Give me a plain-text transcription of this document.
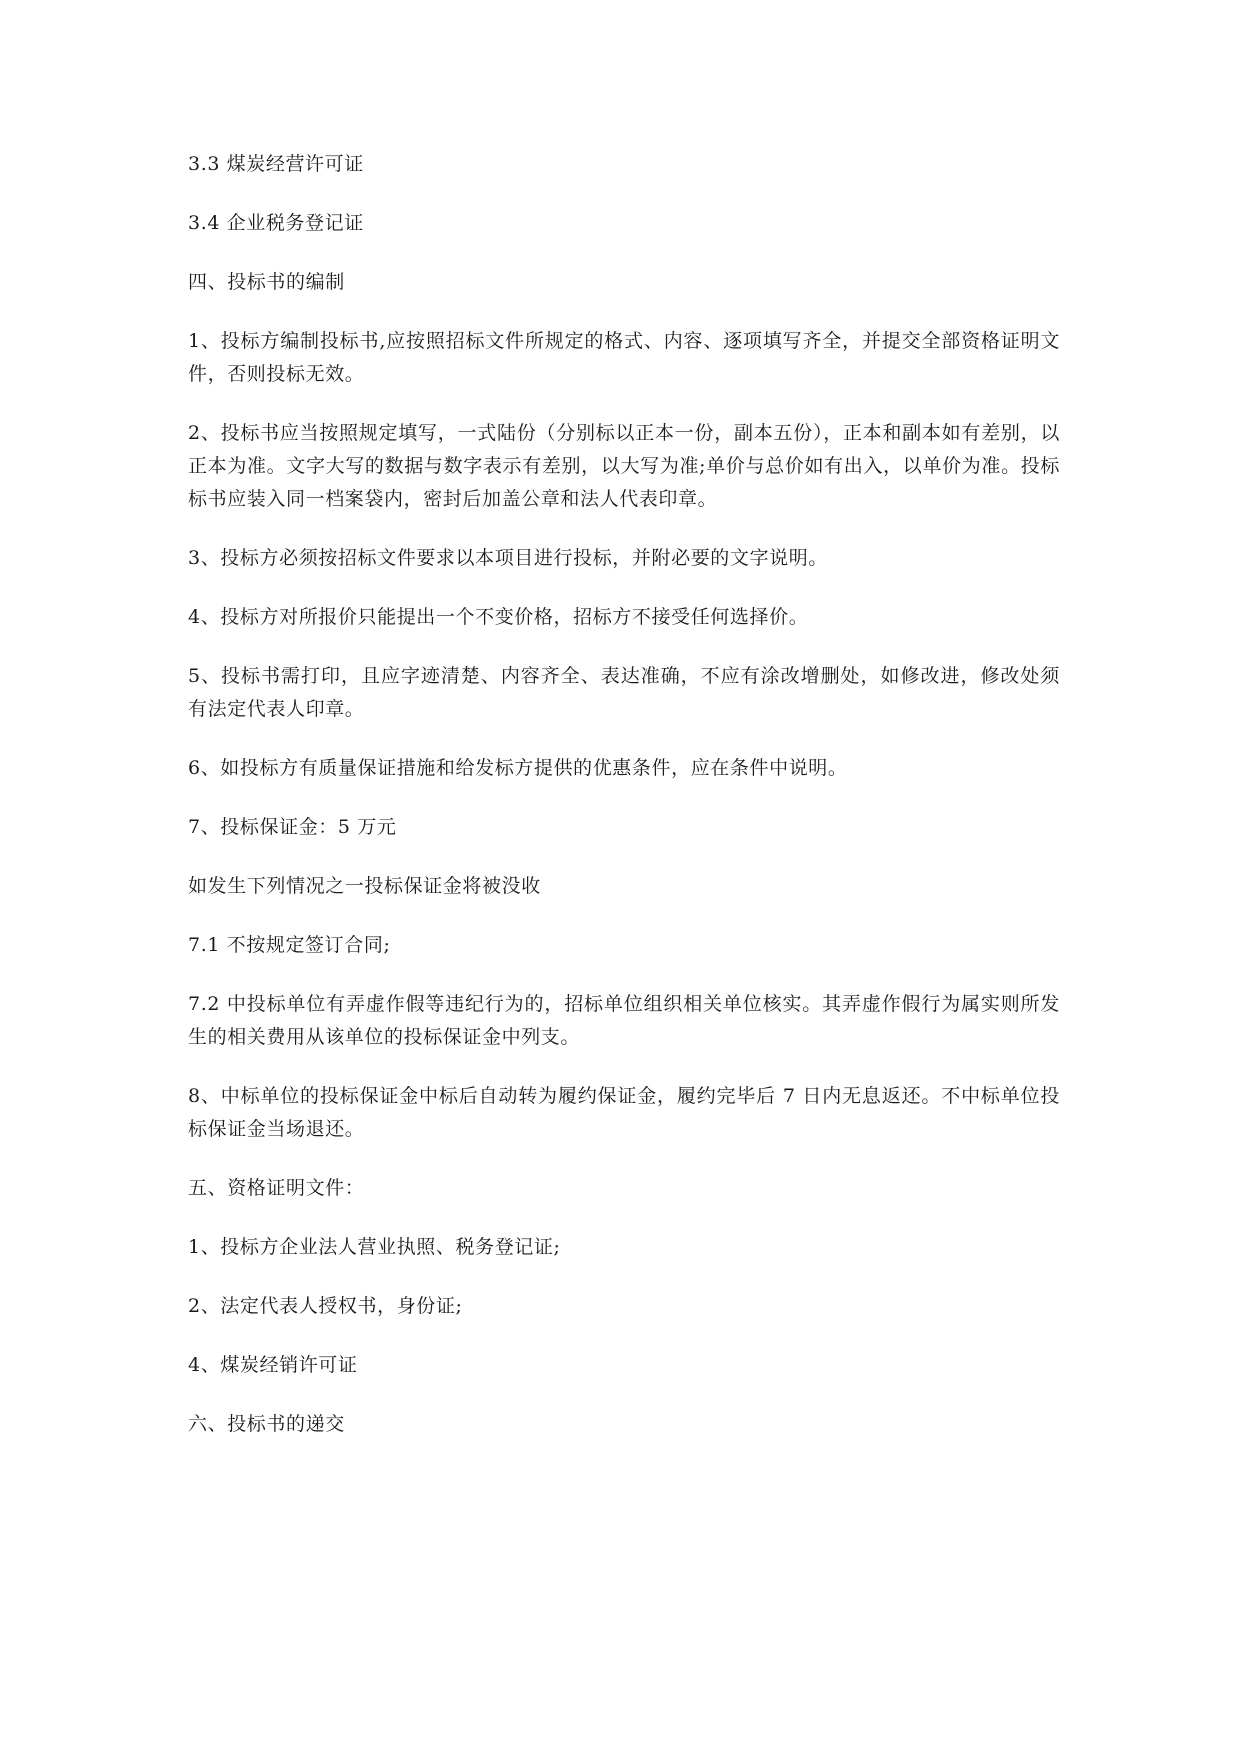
3.3 煤炭经营许可证

3.4 企业税务登记证

四、投标书的编制

1、投标方编制投标书,应按照招标文件所规定的格式、内容、逐项填写齐全，并提交全部资格证明文件，否则投标无效。

2、投标书应当按照规定填写，一式陆份（分别标以正本一份，副本五份），正本和副本如有差别，以正本为准。文字大写的数据与数字表示有差别，以大写为准;单价与总价如有出入，以单价为准。投标标书应装入同一档案袋内，密封后加盖公章和法人代表印章。

3、投标方必须按招标文件要求以本项目进行投标，并附必要的文字说明。

4、投标方对所报价只能提出一个不变价格，招标方不接受任何选择价。

5、投标书需打印，且应字迹清楚、内容齐全、表达准确，不应有涂改增删处，如修改进，修改处须有法定代表人印章。

6、如投标方有质量保证措施和给发标方提供的优惠条件，应在条件中说明。

7、投标保证金：5 万元

如发生下列情况之一投标保证金将被没收

7.1 不按规定签订合同;

7.2 中投标单位有弄虚作假等违纪行为的，招标单位组织相关单位核实。其弄虚作假行为属实则所发生的相关费用从该单位的投标保证金中列支。

8、中标单位的投标保证金中标后自动转为履约保证金，履约完毕后 7 日内无息返还。不中标单位投标保证金当场退还。

五、资格证明文件：

1、投标方企业法人营业执照、税务登记证;

2、法定代表人授权书，身份证;

4、煤炭经销许可证

六、投标书的递交
